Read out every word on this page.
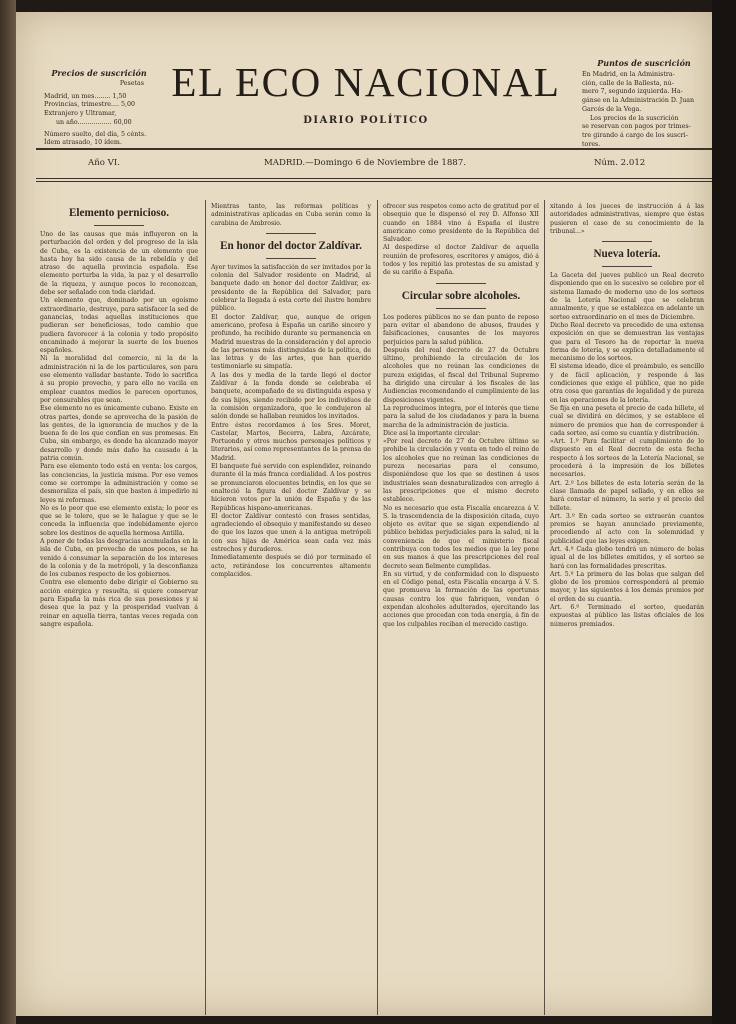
Precios de suscrición
Pesetas
Madrid, un mes........ 1,50
Provincias, trimestre.... 5,00
Extranjero y Ultramar,
un año................. 60,00
Número suelto, del día, 5 cénts.
Ídem atrasado, 10 ídem.
EL ECO NACIONAL
DIARIO POLÍTICO
Puntos de suscrición
En Madrid, en la Administra-
ción, calle de la Ballesta, nú-
mero 7, segundo izquierda. Ha-
gánse en la Administración D. Juan
Garcés de la Vega.
Los precios de la suscrición
se reservan con pagos por trimes-
tre girando á cargo de los suscri-
tores.
Año VI.	MADRID.—Domingo 6 de Noviembre de 1887.	Núm. 2.012
Elemento pernicioso.
Uno de las causas que más influyeron en la perturbación del orden y del progreso de la isla de Cuba, es la existencia de un elemento que hasta hoy ha sido causa de la rebeldía y del atraso de aquella provincia española. Ese elemento perturba la vida, la paz y el desarrollo de la riqueza, y aunque pocos lo reconozcan, debe ser señalado con toda claridad.
Un elemento que, dominado por un egoísmo extraordinario, destruye, para satisfacer la sed de ganancias, todas aquellas instituciones que pudieran ser beneficiosas, todo cambio que pudiera favorecer á la colonia y todo propósito encaminado á mejorar la suerte de los buenos españoles.
Ni la moralidad del comercio, ni la de la administración ni la de los particulares, son para ese elemento valladar bastante. Todo lo sacrifica á su propio provecho, y para ello no vacila en emplear cuantos medios le parecen oportunos, por censurables que sean.
Ese elemento no es únicamente cubano. Existe en otras partes, donde se aprovecha de la pasión de las gentes, de la ignorancia de muchos y de la buena fe de los que confían en sus promesas. En Cuba, sin embargo, es donde ha alcanzado mayor desarrollo y donde más daño ha causado á la patria común.
Para ese elemento todo está en venta: los cargos, las conciencias, la justicia misma. Por eso vemos como se corrompe la administración y como se desmoraliza el país, sin que basten á impedirlo ni leyes ni reformas.
No es lo peor que ese elemento exista; lo peor es que se le tolere, que se le halague y que se le conceda la influencia que indebidamente ejerce sobre los destinos de aquella hermosa Antilla.
A poner de todas las desgracias acumuladas en la isla de Cuba, en provecho de unos pocos, se ha venido á consumar la separación de los intereses de la colonia y de la metrópoli, y la desconfianza de los cubanos respecto de los gobiernos.
Contra ese elemento debe dirigir el Gobierno su acción enérgica y resuelta, si quiere conservar para España la más rica de sus posesiones y si desea que la paz y la prosperidad vuelvan á reinar en aquella tierra, tantas veces regada con sangre española.
Mientras tanto, las reformas políticas y administrativas aplicadas en Cuba serán como la carabina de Ambrosio.
En honor del doctor Zaldívar.
Ayer tuvimos la satisfacción de ser invitados por la colonia del Salvador residente en Madrid, al banquete dado en honor del doctor Zaldívar, ex-presidente de la República del Salvador, para celebrar la llegada á esta corte del ilustre hombre público.
El doctor Zaldívar, que, aunque de origen americano, profesa á España un cariño sincero y profundo, ha recibido durante su permanencia en Madrid muestras de la consideración y del aprecio de las personas más distinguidas de la política, de las letras y de las artes, que han querido testimoniarle su simpatía.
A las dos y media de la tarde llegó el doctor Zaldívar á la fonda donde se celebraba el banquete, acompañado de su distinguida esposa y de sus hijos, siendo recibido por los individuos de la comisión organizadora, que le condujeron al salón donde se hallaban reunidos los invitados.
Entre éstos recordamos á los Sres. Moret, Castelar, Martos, Becerra, Labra, Azcárate, Portuondo y otros muchos personajes políticos y literarios, así como representantes de la prensa de Madrid.
El banquete fué servido con esplendidez, reinando durante él la más franca cordialidad. A los postres se pronunciaron elocuentes brindis, en los que se enalteció la figura del doctor Zaldívar y se hicieron votos por la unión de España y de las Repúblicas hispano-americanas.
El doctor Zaldívar contestó con frases sentidas, agradeciendo el obsequio y manifestando su deseo de que los lazos que unen á la antigua metrópoli con sus hijas de América sean cada vez más estrechos y duraderos.
Inmediatamente después se dió por terminado el acto, retirándose los concurrentes altamente complacidos.
ofrecer sus respetos como acto de gratitud por el obsequio que le dispensó el rey D. Alfonso XII cuando en 1884 vino á España el ilustre americano como presidente de la República del Salvador.
Al despedirse el doctor Zaldívar de aquella reunión de profesores, escritores y amigos, dió á todos y les repitió las protestas de su amistad y de su cariño á España.
Circular sobre alcoholes.
Los poderes públicos no se dan punto de reposo para evitar el abandono de abusos, fraudes y falsificaciones, causantes de los mayores perjuicios para la salud pública.
Después del real decreto de 27 de Octubre último, prohibiendo la circulación de los alcoholes que no reúnan las condiciones de pureza exigidas, el fiscal del Tribunal Supremo ha dirigido una circular á los fiscales de las Audiencias recomendando el cumplimiento de las disposiciones vigentes.
La reproducimos íntegra, por el interés que tiene para la salud de los ciudadanos y para la buena marcha de la administración de justicia.
Dice así la importante circular:
«Por real decreto de 27 de Octubre último se prohibe la circulación y venta en todo el reino de los alcoholes que no reúnan las condiciones de pureza necesarias para el consumo, disponiéndose que los que se destinen á usos industriales sean desnaturalizados con arreglo á las prescripciones que el mismo decreto establece.
No es necesario que esta Fiscalía encarezca á V. S. la trascendencia de la disposición citada, cuyo objeto es evitar que se sigan expendiendo al público bebidas perjudiciales para la salud, ni la conveniencia de que el ministerio fiscal contribuya con todos los medios que la ley pone en sus manos á que las prescripciones del real decreto sean fielmente cumplidas.
En su virtud, y de conformidad con lo dispuesto en el Código penal, esta Fiscalía encarga á V. S. que promueva la formación de las oportunas causas contra los que fabriquen, vendan ó expendan alcoholes adulterados, ejercitando las acciones que procedan con toda energía, á fin de que los culpables reciban el merecido castigo.
xitando á los jueces de instrucción á á las autoridades administrativas, siempre que éstas pusieren el caso de su conocimiento de la tribunal...»
Nueva lotería.
La Gaceta del jueves publicó un Real decreto disponiendo que en lo sucesivo se celebre por el sistema llamado de moderno uno de los sorteos de la Lotería Nacional que se celebran anualmente, y que se establezca en adelante un sorteo extraordinario en el mes de Diciembre.
Dicho Real decreto va precedido de una extensa exposición en que se demuestran las ventajas que para el Tesoro ha de reportar la nueva forma de lotería, y se explica detalladamente el mecanismo de los sorteos.
El sistema ideado, dice el preámbulo, es sencillo y de fácil aplicación, y responde á las condiciones que exige el público, que no pide otra cosa que garantías de legalidad y de pureza en las operaciones de la lotería.
Se fija en una peseta el precio de cada billete, el cual se dividirá en décimos, y se establece el número de premios que han de corresponder á cada sorteo, así como su cuantía y distribución.
«Art. 1.º Para facilitar el cumplimiento de lo dispuesto en el Real decreto de esta fecha respecto á los sorteos de la Lotería Nacional, se procederá á la impresión de los billetes necesarios.
Art. 2.º Los billetes de esta lotería serán de la clase llamada de papel sellado, y en ellos se hará constar el número, la serie y el precio del billete.
Art. 3.º En cada sorteo se extraerán cuantos premios se hayan anunciado previamente, procediendo al acto con la solemnidad y publicidad que las leyes exigen.
Art. 4.º Cada globo tendrá un número de bolas igual al de los billetes emitidos, y el sorteo se hará con las formalidades prescritas.
Art. 5.º La primera de las bolas que salgan del globo de los premios corresponderá al premio mayor, y las siguientes á los demás premios por el orden de su cuantía.
Art. 6.º Terminado el sorteo, quedarán expuestas al público las listas oficiales de los números premiados.
